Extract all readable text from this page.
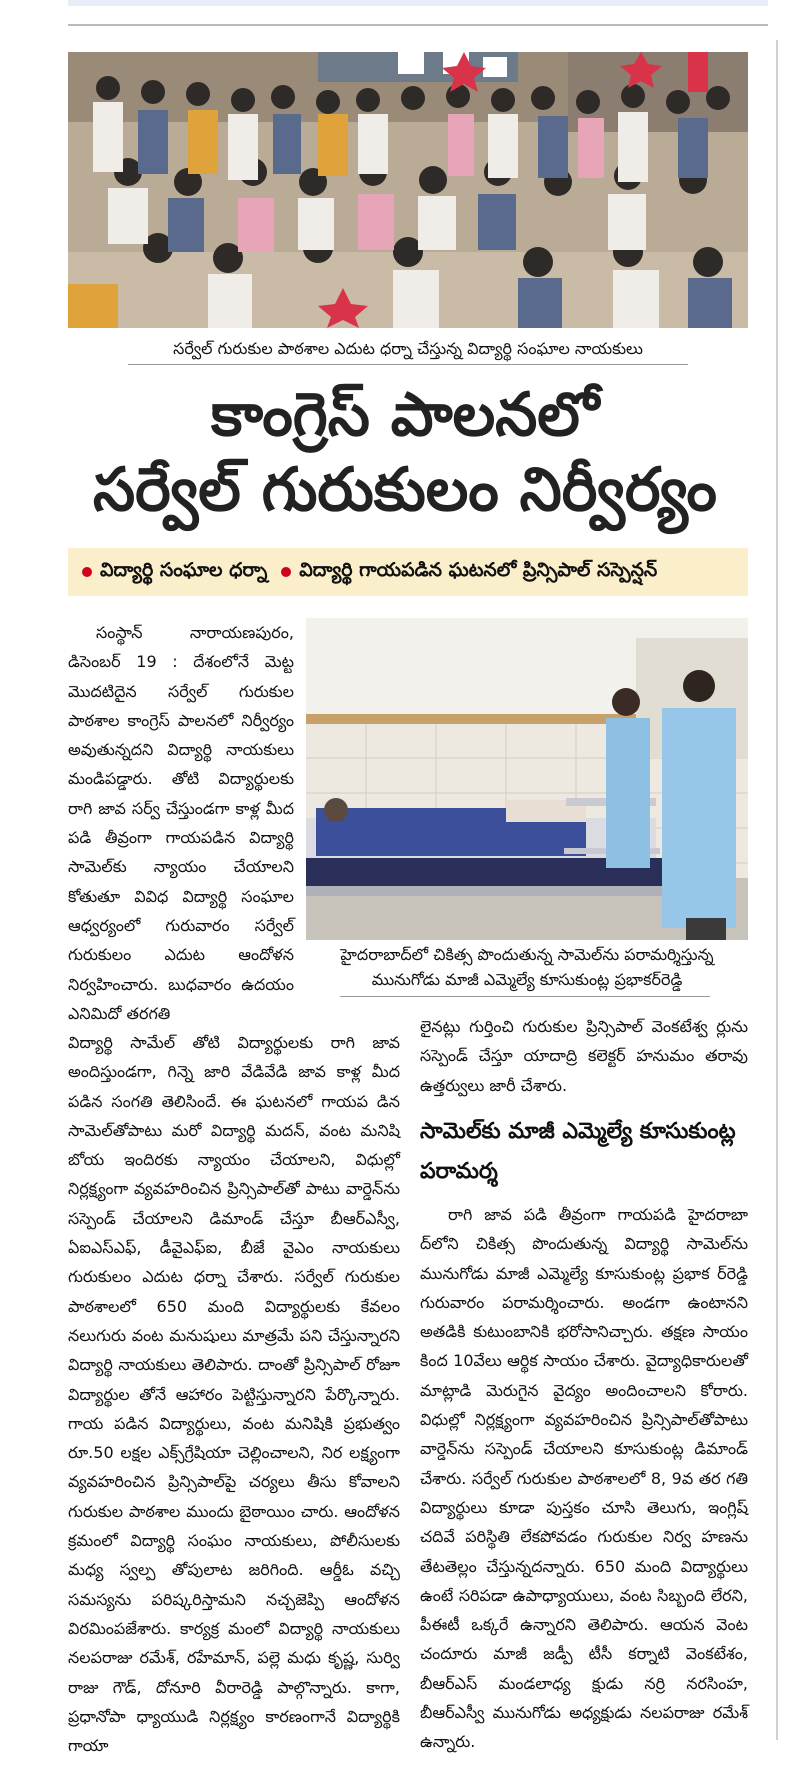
సర్వేల్ గురుకుల పాఠశాల ఎదుట ధర్నా చేస్తున్న విద్యార్థి సంఘాల నాయకులు
కాంగ్రెస్ పాలనలో
సర్వేల్ గురుకులం నిర్వీర్యం
విద్యార్థి సంఘాల ధర్నా విద్యార్థి గాయపడిన ఘటనలో ప్రిన్సిపాల్ సస్పెన్షన్
హైదరాబాద్‌లో చికిత్స పొందుతున్న సామెల్‌ను పరామర్శిస్తున్న
మునుగోడు మాజీ ఎమ్మెల్యే కూసుకుంట్ల ప్రభాకర్‌రెడ్డి

సంస్థాన్ నారాయణపురం, డిసెంబర్ 19 : దేశంలోనే మెట్ట మొదటిదైన సర్వేల్ గురుకుల పాఠశాల కాంగ్రెస్ పాలనలో నిర్వీర్యం అవుతున్నదని విద్యార్థి నాయకులు మండిపడ్డారు. తోటి విద్యార్థులకు రాగి జావ సర్వ్ చేస్తుండగా కాళ్ల మీద పడి తీవ్రంగా గాయపడిన విద్యార్థి సామెల్‌కు న్యాయం చేయాలని కోతుతూ వివిధ విద్యార్థి సంఘాల ఆధ్వర్యంలో గురువారం సర్వేల్ గురుకులం ఎదుట ఆందోళన నిర్వహించారు. బుధవారం ఉదయం ఎనిమిదో తరగతి

విద్యార్థి సామేల్ తోటి విద్యార్థులకు రాగి జావ అందిస్తుండగా, గిన్నె జారి వేడివేడి జావ కాళ్ల మీద పడిన సంగతి తెలిసిందే. ఈ ఘటనలో గాయప డిన సామెల్‌తోపాటు మరో విద్యార్థి మదన్, వంట మనిషి బోయ ఇందిరకు న్యాయం చేయాలని, విధుల్లో నిర్లక్ష్యంగా వ్యవహరించిన ప్రిన్సిపాల్‌తో పాటు వార్డెన్‌ను సస్పెండ్ చేయాలని డిమాండ్ చేస్తూ బీఆర్ఎస్వీ, ఏఐఎస్ఎఫ్, డీవైఎఫ్ఐ, బీజే వైఎం నాయకులు గురుకులం ఎదుట ధర్నా చేశారు. సర్వేల్ గురుకుల పాఠశాలలో 650 మంది విద్యార్థులకు కేవలం నలుగురు వంట మనుషులు మాత్రమే పని చేస్తున్నారని విద్యార్థి నాయకులు తెలిపారు. దాంతో ప్రిన్సిపాల్ రోజూ విద్యార్థుల తోనే ఆహారం పెట్టిస్తున్నారని పేర్కొన్నారు. గాయ పడిన విద్యార్థులు, వంట మనిషికి ప్రభుత్వం రూ.50 లక్షల ఎక్స్‌గ్రేషియా చెల్లించాలని, నిర లక్ష్యంగా వ్యవహరించిన ప్రిన్సిపాల్‌పై చర్యలు తీసు కోవాలని గురుకుల పాఠశాల ముందు బైఠాయిం చారు. ఆందోళన క్రమంలో విద్యార్థి సంఘం నాయకులు, పోలీసులకు మధ్య స్వల్ప తోపులాట జరిగింది. ఆర్డీఓ వచ్చి సమస్యను పరిష్కరిస్తామని నచ్చజెప్పి ఆందోళన విరమింపజేశారు. కార్యక్ర మంలో విద్యార్థి నాయకులు నలపరాజు రమేశ్, రహేమాన్, పల్లె మధు కృష్ణ, సుర్వి రాజు గౌడ్, దోనూరి వీరారెడ్డి పాల్గొన్నారు. కాగా, ప్రధానోపా ధ్యాయుడి నిర్లక్ష్యం కారణంగానే విద్యార్థికి గాయా

లైనట్లు గుర్తించి గురుకుల ప్రిన్సిపాల్ వెంకటేశ్వ ర్లును సస్పెండ్ చేస్తూ యాదాద్రి కలెక్టర్ హనుమం తరావు ఉత్తర్వులు జారీ చేశారు.

సామెల్‌కు మాజీ ఎమ్మెల్యే కూసుకుంట్ల పరామర్శ

రాగి జావ పడి తీవ్రంగా గాయపడి హైదరాబా ద్‌లోని చికిత్స పొందుతున్న విద్యార్థి సామెల్‌ను మునుగోడు మాజీ ఎమ్మెల్యే కూసుకుంట్ల ప్రభాక ర్‌రెడ్డి గురువారం పరామర్శించారు. అండగా ఉంటానని అతడికి కుటుంబానికి భరోసానిచ్చారు. తక్షణ సాయం కింద 10వేలు ఆర్థిక సాయం చేశారు. వైద్యాధికారులతో మాట్లాడి మెరుగైన వైద్యం అందించాలని కోరారు. విధుల్లో నిర్లక్ష్యంగా వ్యవహరించిన ప్రిన్సిపాల్‌తోపాటు వార్డెన్‌ను సస్పెండ్ చేయాలని కూసుకుంట్ల డిమాండ్ చేశారు. సర్వేల్ గురుకుల పాఠశాలలో 8, 9వ తర గతి విద్యార్థులు కూడా పుస్తకం చూసి తెలుగు, ఇంగ్లిష్ చదివే పరిస్థితి లేకపోవడం గురుకుల నిర్వ హణను తేటతెల్లం చేస్తున్నదన్నారు. 650 మంది విద్యార్థులు ఉంటే సరిపడా ఉపాధ్యాయులు, వంట సిబ్బంది లేరని, పీఈటీ ఒక్కరే ఉన్నారని తెలిపారు. ఆయన వెంట చందూరు మాజీ జడ్పీ టీసీ కర్నాటి వెంకటేశం, బీఆర్ఎస్ మండలాధ్య క్షుడు నర్రి నరసింహ, బీఆర్ఎస్వీ మునుగోడు అధ్యక్షుడు నలపరాజు రమేశ్ ఉన్నారు.
